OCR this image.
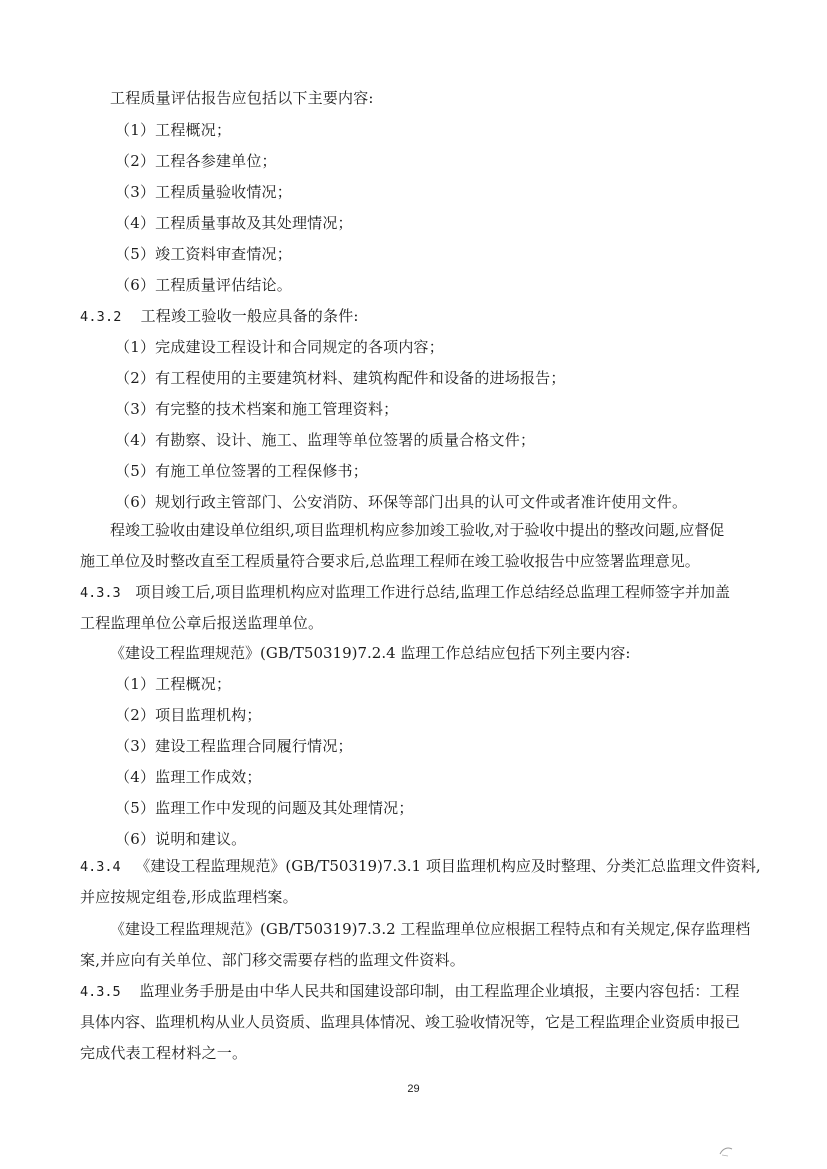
工程质量评估报告应包括以下主要内容:
（1）工程概况；
（2）工程各参建单位；
（3）工程质量验收情况；
（4）工程质量事故及其处理情况；
（5）竣工资料审查情况；
（6）工程质量评估结论。
4.3.2 工程竣工验收一般应具备的条件:
（1）完成建设工程设计和合同规定的各项内容；
（2）有工程使用的主要建筑材料、建筑构配件和设备的进场报告；
（3）有完整的技术档案和施工管理资料；
（4）有勘察、设计、施工、监理等单位签署的质量合格文件；
（5）有施工单位签署的工程保修书；
（6）规划行政主管部门、公安消防、环保等部门出具的认可文件或者准许使用文件。
程竣工验收由建设单位组织,项目监理机构应参加竣工验收,对于验收中提出的整改问题,应督促
施工单位及时整改直至工程质量符合要求后,总监理工程师在竣工验收报告中应签署监理意见。
4.3.3 项目竣工后,项目监理机构应对监理工作进行总结,监理工作总结经总监理工程师签字并加盖
工程监理单位公章后报送监理单位。
《建设工程监理规范》(GB/T50319)7.2.4 监理工作总结应包括下列主要内容:
（1）工程概况；
（2）项目监理机构；
（3）建设工程监理合同履行情况；
（4）监理工作成效；
（5）监理工作中发现的问题及其处理情况；
（6）说明和建议。
4.3.4 《建设工程监理规范》(GB/T50319)7.3.1 项目监理机构应及时整理、分类汇总监理文件资料,
并应按规定组卷,形成监理档案。
《建设工程监理规范》(GB/T50319)7.3.2 工程监理单位应根据工程特点和有关规定,保存监理档
案,并应向有关单位、部门移交需要存档的监理文件资料。
4.3.5 监理业务手册是由中华人民共和国建设部印制，由工程监理企业填报，主要内容包括：工程
具体内容、监理机构从业人员资质、监理具体情况、竣工验收情况等，它是工程监理企业资质申报已
完成代表工程材料之一。
29
